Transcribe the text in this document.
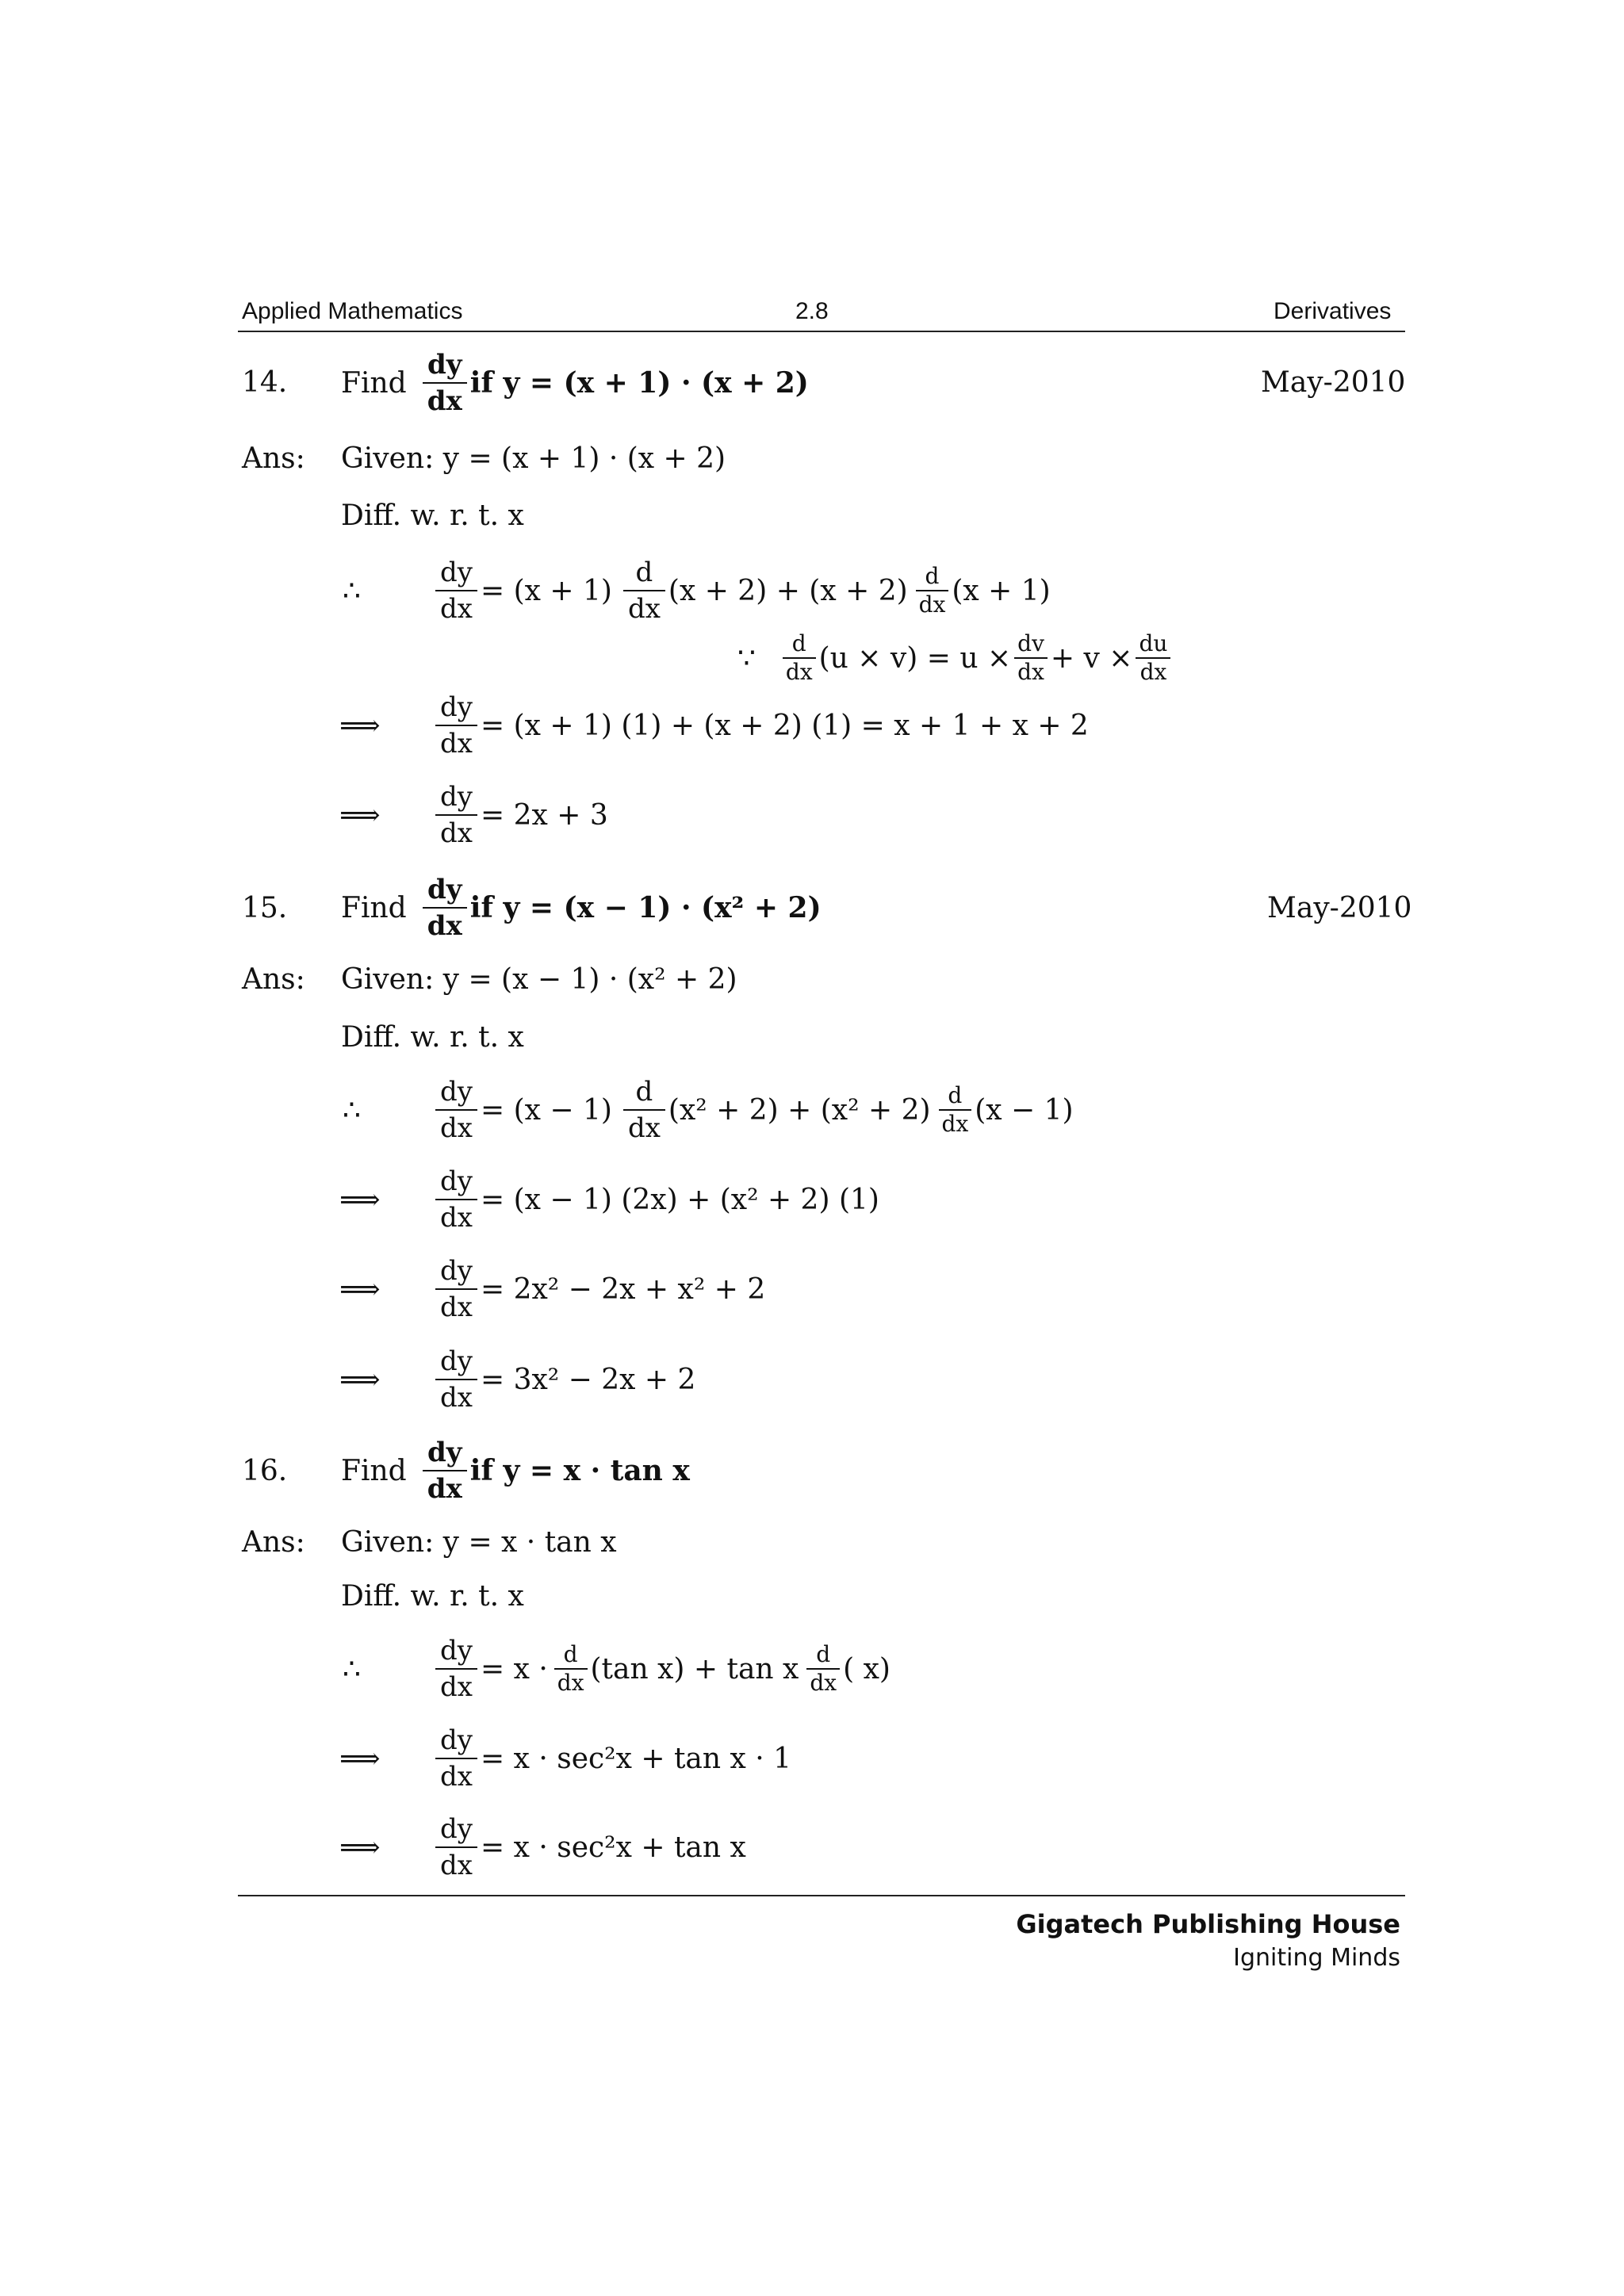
Applied Mathematics	2.8	Derivatives
14. Find $\frac{dy}{dx}$ if y = (x + 1) · (x + 2)	May-2010
Ans: Given: y = (x + 1) · (x + 2)
Diff. w. r. t. x
∴	$\frac{dy}{dx} = (x + 1) \frac{d}{dx} (x + 2) + (x + 2) \frac{d}{dx} (x + 1)$
∵ $\frac{d}{dx} (u \times v) = u \times \frac{dv}{dx} + v \times \frac{du}{dx}$
⟹ $\frac{dy}{dx} = (x + 1) (1) + (x + 2) (1) = x + 1 + x + 2$
⟹ $\frac{dy}{dx} = 2x + 3$
15. Find $\frac{dy}{dx}$ if y = (x − 1) · (x² + 2)	May-2010
Ans: Given: y = (x − 1) · (x² + 2)
Diff. w. r. t. x
∴	$\frac{dy}{dx} = (x - 1) \frac{d}{dx} (x^2 + 2) + (x^2 + 2) \frac{d}{dx} (x - 1)$
⟹ $\frac{dy}{dx} = (x - 1) (2x) + (x^2 + 2)$ (1)
⟹ $\frac{dy}{dx} = 2x^2 - 2x + x^2 + 2$
⟹ $\frac{dy}{dx} = 3x^2 - 2x + 2$
16. Find $\frac{dy}{dx}$ if y = x · tan x
Ans: Given: y = x · tan x
Diff. w. r. t. x
∴	$\frac{dy}{dx} = x \cdot \frac{d}{dx} (\tan$ x) + tan x $\frac{d}{dx}$ ( x)
⟹ $\frac{dy}{dx} = x \cdot \sec^2x + \tan x \cdot 1$
⟹ $\frac{dy}{dx} = x \cdot \sec^2x + \tan x$
Gigatech Publishing House
Igniting Minds
